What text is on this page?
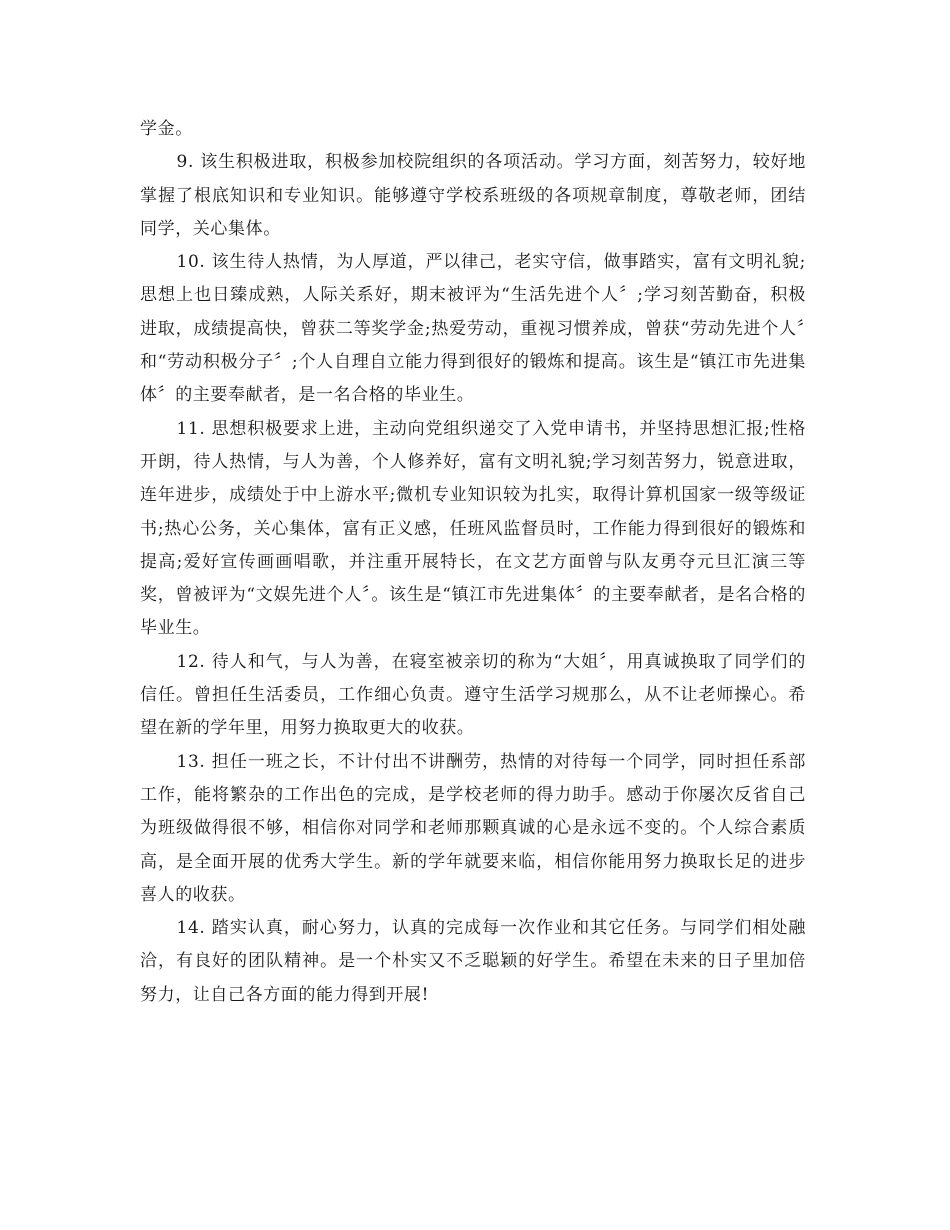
学金。

9. 该生积极进取，积极参加校院组织的各项活动。学习方面，刻苦努力，较好地掌握了根底知识和专业知识。能够遵守学校系班级的各项规章制度，尊敬老师，团结同学，关心集体。

10. 该生待人热情，为人厚道，严以律己，老实守信，做事踏实，富有文明礼貌;思想上也日臻成熟，人际关系好，期末被评为“生活先进个人〞;学习刻苦勤奋，积极进取，成绩提高快，曾获二等奖学金;热爱劳动，重视习惯养成，曾获“劳动先进个人〞和“劳动积极分子〞;个人自理自立能力得到很好的锻炼和提高。该生是“镇江市先进集体〞的主要奉献者，是一名合格的毕业生。

11. 思想积极要求上进，主动向党组织递交了入党申请书，并坚持思想汇报;性格开朗，待人热情，与人为善，个人修养好，富有文明礼貌;学习刻苦努力，锐意进取，连年进步，成绩处于中上游水平;微机专业知识较为扎实，取得计算机国家一级等级证书;热心公务，关心集体，富有正义感，任班风监督员时，工作能力得到很好的锻炼和提高;爱好宣传画画唱歌，并注重开展特长，在文艺方面曾与队友勇夺元旦汇演三等奖，曾被评为“文娱先进个人〞。该生是“镇江市先进集体〞的主要奉献者，是名合格的毕业生。

12. 待人和气，与人为善，在寝室被亲切的称为“大姐〞，用真诚换取了同学们的信任。曾担任生活委员，工作细心负责。遵守生活学习规那么，从不让老师操心。希望在新的学年里，用努力换取更大的收获。

13. 担任一班之长，不计付出不讲酬劳，热情的对待每一个同学，同时担任系部工作，能将繁杂的工作出色的完成，是学校老师的得力助手。感动于你屡次反省自己为班级做得很不够，相信你对同学和老师那颗真诚的心是永远不变的。个人综合素质高，是全面开展的优秀大学生。新的学年就要来临，相信你能用努力换取长足的进步喜人的收获。

14. 踏实认真，耐心努力，认真的完成每一次作业和其它任务。与同学们相处融洽，有良好的团队精神。是一个朴实又不乏聪颖的好学生。希望在未来的日子里加倍努力，让自己各方面的能力得到开展!
